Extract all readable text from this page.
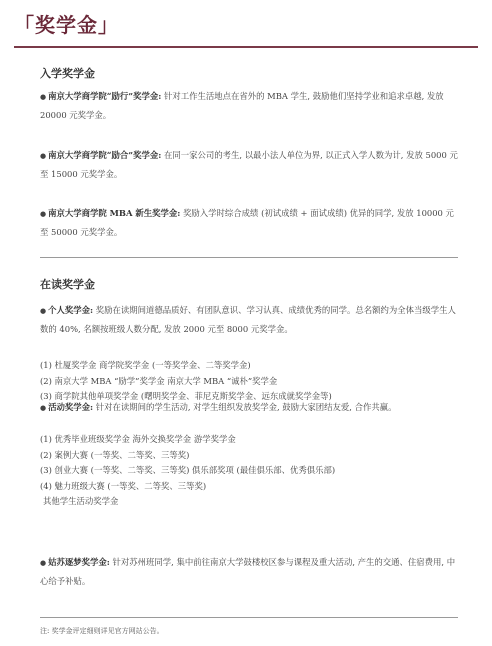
「奖学金」
入学奖学金
● 南京大学商学院“励行”奖学金: 针对工作生活地点在省外的 MBA 学生, 鼓励他们坚持学业和追求卓越, 发放 20000 元奖学金。
● 南京大学商学院“励合”奖学金: 在同一家公司的考生, 以最小法人单位为界, 以正式入学人数为计, 发放 5000 元至 15000 元奖学金。
● 南京大学商学院 MBA 新生奖学金: 奖励入学时综合成绩 (初试成绩 + 面试成绩) 优异的同学, 发放 10000 元至 50000 元奖学金。
在读奖学金
● 个人奖学金: 奖励在读期间道德品质好、有团队意识、学习认真、成绩优秀的同学。总名额约为全体当级学生人数的 40%, 名额按班级人数分配, 发放 2000 元至 8000 元奖学金。
(1) 杜厦奖学金 商学院奖学金 (一等奖学金、二等奖学金)
(2) 南京大学 MBA “励学”奖学金 南京大学 MBA “诚朴”奖学金
(3) 商学院其他单项奖学金 (曙明奖学金、菲尼克斯奖学金、远东成就奖学金等)
● 活动奖学金: 针对在读期间的学生活动, 对学生组织发放奖学金, 鼓励大家团结友爱, 合作共赢。
(1) 优秀毕业班级奖学金 海外交换奖学金 游学奖学金
(2) 案例大赛 (一等奖、二等奖、三等奖)
(3) 创业大赛 (一等奖、二等奖、三等奖) 俱乐部奖项 (最佳俱乐部、优秀俱乐部)
(4) 魅力班级大赛 (一等奖、二等奖、三等奖)
其他学生活动奖学金
● 姑苏逐梦奖学金: 针对苏州班同学, 集中前往南京大学鼓楼校区参与课程及重大活动, 产生的交通、住宿费用, 中心给予补贴。
注: 奖学金评定细则详见官方网站公告。
